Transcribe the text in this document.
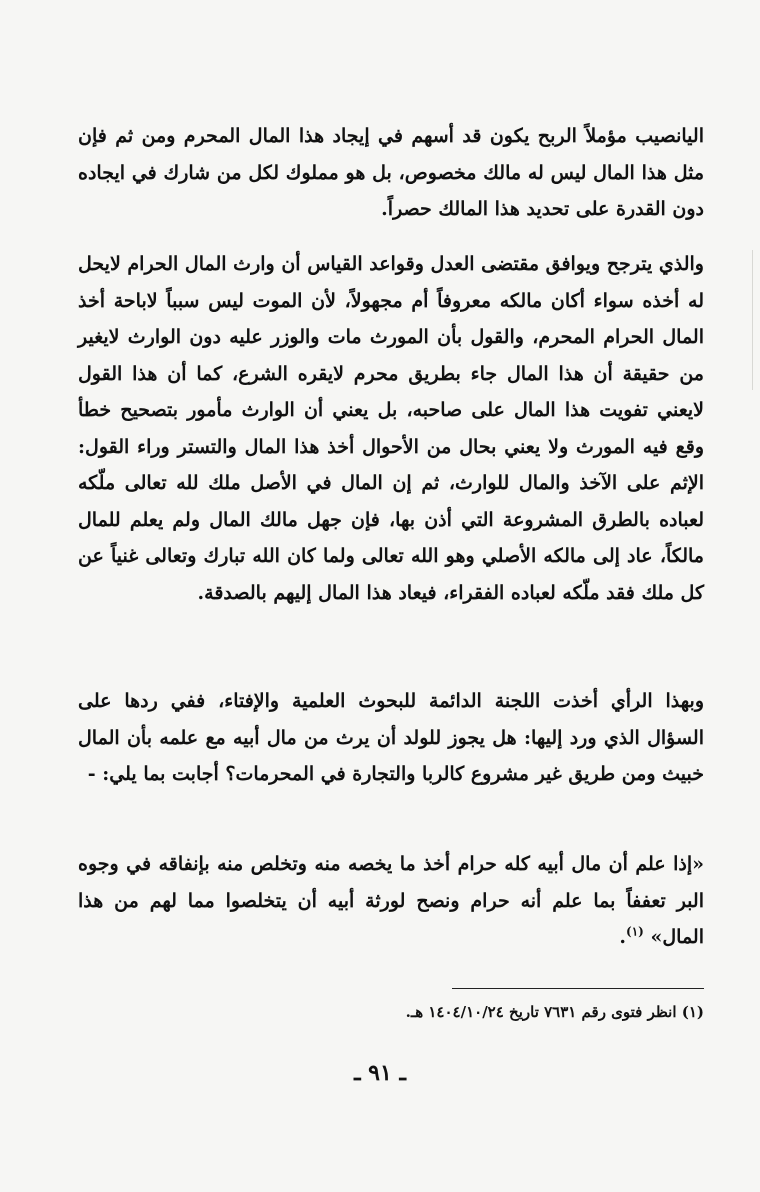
اليانصيب مؤملاً الربح يكون قد أسهم في إيجاد هذا المال المحرم ومن ثم فإن مثل هذا المال ليس له مالك مخصوص، بل هو مملوك لكل من شارك في ايجاده دون القدرة على تحديد هذا المالك حصراً.

والذي يترجح ويوافق مقتضى العدل وقواعد القياس أن وارث المال الحرام لايحل له أخذه سواء أكان مالكه معروفاً أم مجهولاً، لأن الموت ليس سبباً لاباحة أخذ المال الحرام المحرم، والقول بأن المورث مات والوزر عليه دون الوارث لايغير من حقيقة أن هذا المال جاء بطريق محرم لايقره الشرع، كما أن هذا القول لايعني تفويت هذا المال على صاحبه، بل يعني أن الوارث مأمور بتصحيح خطأ وقع فيه المورث ولا يعني بحال من الأحوال أخذ هذا المال والتستر وراء القول: الإثم على الآخذ والمال للوارث، ثم إن المال في الأصل ملك لله تعالى ملّكه لعباده بالطرق المشروعة التي أذن بها، فإن جهل مالك المال ولم يعلم للمال مالكاً، عاد إلى مالكه الأصلي وهو الله تعالى ولما كان الله تبارك وتعالى غنياً عن كل ملك فقد ملّكه لعباده الفقراء، فيعاد هذا المال إليهم بالصدقة.

وبهذا الرأي أخذت اللجنة الدائمة للبحوث العلمية والإفتاء، ففي ردها على السؤال الذي ورد إليها: هل يجوز للولد أن يرث من مال أبيه مع علمه بأن المال خبيث ومن طريق غير مشروع كالربا والتجارة في المحرمات؟ أجابت بما يلي: -

«إذا علم أن مال أبيه كله حرام أخذ ما يخصه منه وتخلص منه بإنفاقه في وجوه البر تعففاً بما علم أنه حرام ونصح لورثة أبيه أن يتخلصوا مما لهم من هذا المال» $^{(١)}$.

(١) انظر فتوى رقم ٧٦٣١ تاريخ ١٤٠٤/١٠/٢٤ هـ.

ـ ٩١ ـ
